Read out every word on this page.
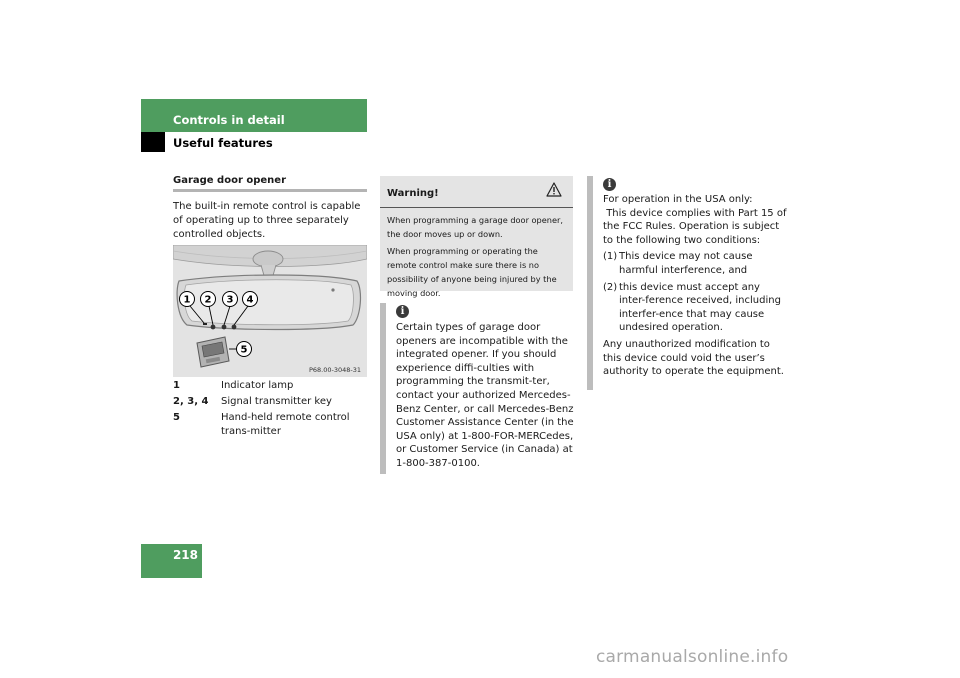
Controls in detail
Useful features
Garage door opener
The built-in remote control is capable of operating up to three separately controlled objects.
1 2 3 4
5
P68.00-3048-31
1	Indicator lamp
2, 3, 4	Signal transmitter key
5	Hand-held remote control trans-mitter
Warning!

When programming a garage door opener, the door moves up or down.

When programming or operating the remote control make sure there is no possibility of anyone being injured by the moving door.

i
Certain types of garage door openers are incompatible with the integrated opener. If you should experience diffi-culties with programming the transmit-ter, contact your authorized Mercedes-Benz Center, or call Mercedes-Benz Customer Assistance Center (in the USA only) at 1-800-FOR-MERCedes, or Customer Service (in Canada) at 1-800-387-0100.
i
For operation in the USA only:

This device complies with Part 15 of the FCC Rules. Operation is subject to the following two conditions:

(1) This device may not cause harmful interference, and
(2) this device must accept any inter-ference received, including interfer-ence that may cause undesired operation.

Any unauthorized modification to this device could void the user’s authority to operate the equipment.

218
carmanualsonline.info
